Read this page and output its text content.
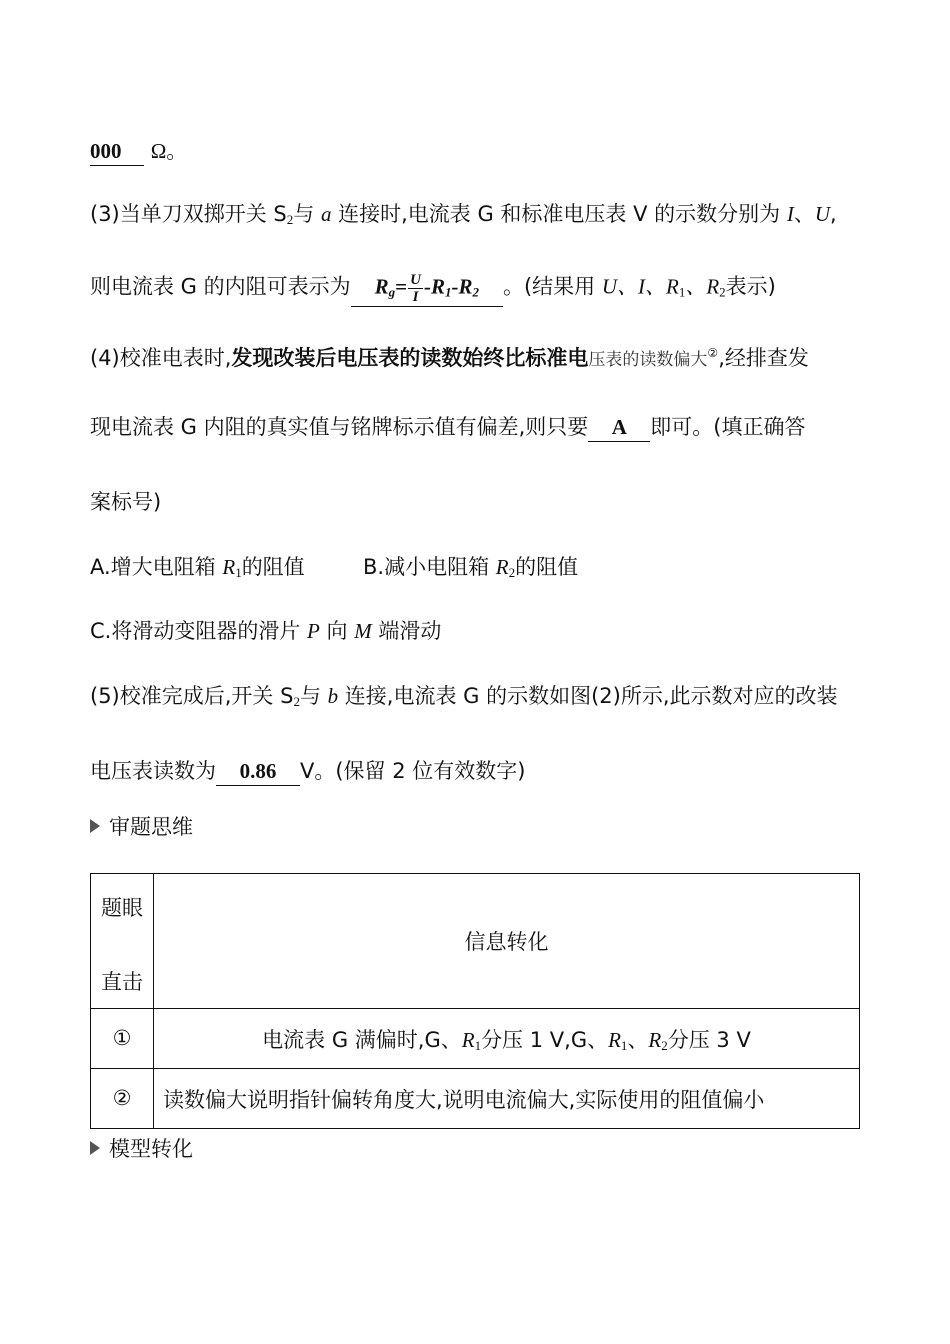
000 Ω。
(3)当单刀双掷开关 $S_2$与 a 连接时,电流表 G 和标准电压表 V 的示数分别为 I、U,
则电流表 G 的内阻可表示为 $R_g= \frac{U}{I} -R_1-R_2$ 。(结果用 U、I、$R_1$、$R_2$表示)
(4)校准电表时,发现改装后电压表的读数始终比标准电压表的读数偏大②,经排查发
现电流表 G 内阻的真实值与铭牌标示值有偏差,则只要 A 即可。(填正确答
案标号)
A.增大电阻箱 $R_1$的阻值	B.减小电阻箱 $R_2$的阻值
C.将滑动变阻器的滑片 P 向 M 端滑动
(5)校准完成后,开关 $S_2$与 b 连接,电流表 G 的示数如图(2)所示,此示数对应的改装
电压表读数为 0.86 V。(保留 2 位有效数字)
审题思维
题眼
直击	信息转化
①	电流表 G 满偏时,G、$R_1$分压 1 V,G、$R_1$、$R_2$分压 3 V
②	读数偏大说明指针偏转角度大,说明电流偏大,实际使用的阻值偏小
模型转化
